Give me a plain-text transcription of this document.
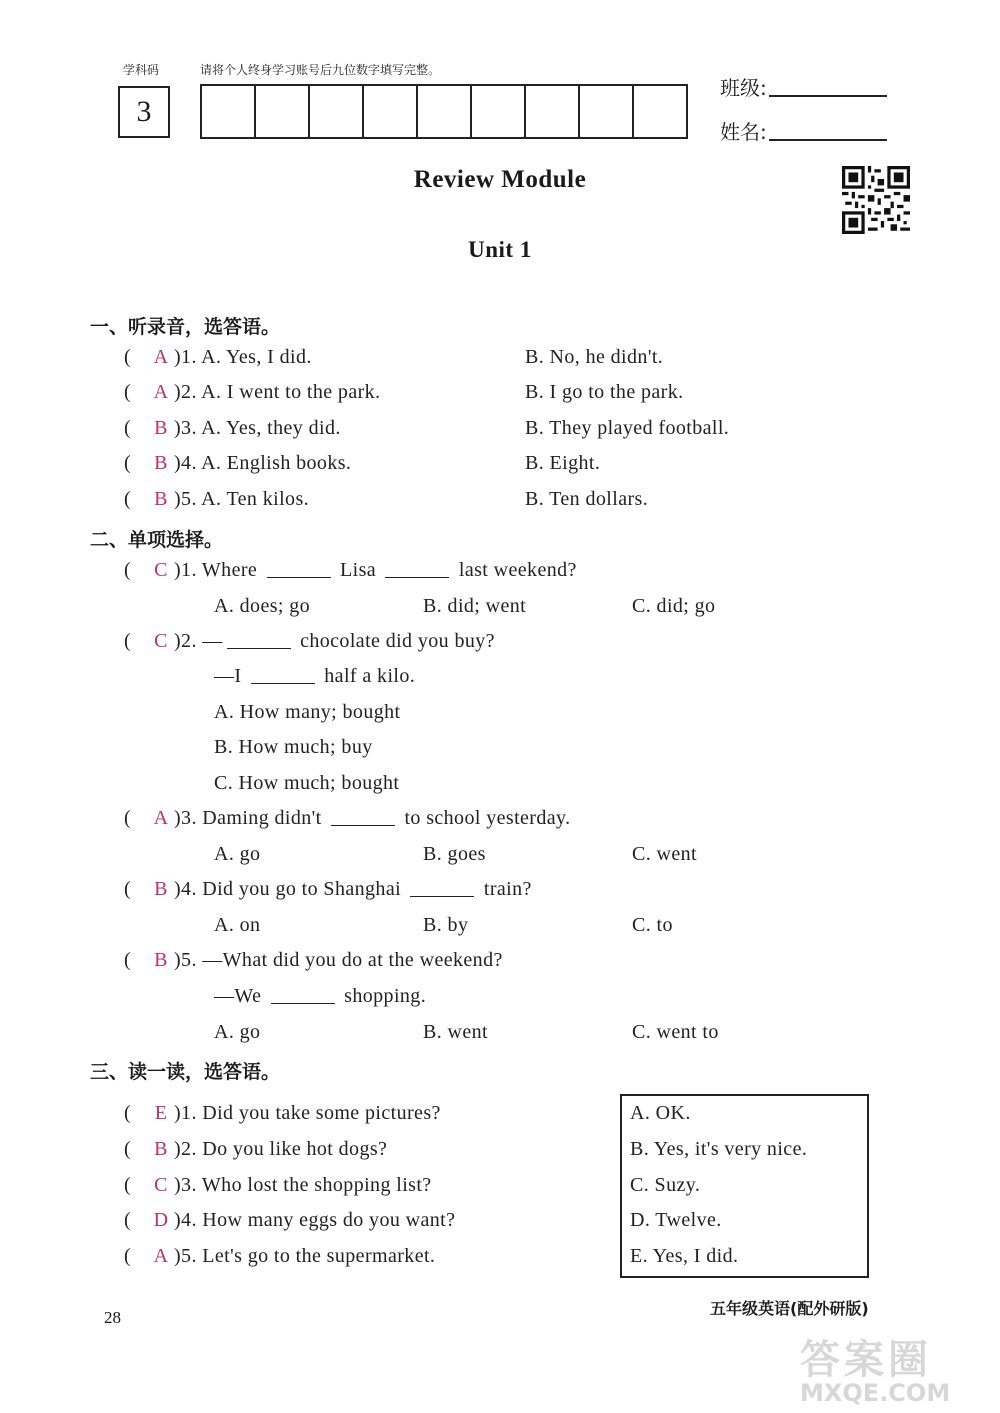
学科码	请将个人终身学习账号后九位数字填写完整。
3
班级:
姓名:
Review Module
Unit 1
一、听录音，选答语。
( A )1. A. Yes, I did.	B. No, he didn't.
( A )2. A. I went to the park.	B. I go to the park.
( B )3. A. Yes, they did.	B. They played football.
( B )4. A. English books.	B. Eight.
( B )5. A. Ten kilos.	B. Ten dollars.
二、单项选择。
( C )1. Where	Lisa	last weekend?
A. does; go	B. did; went	C. did; go
( C )2. —	chocolate did you buy?
—I	half a kilo.
A. How many; bought
B. How much; buy
C. How much; bought
( A )3. Daming didn't	to school yesterday.
A. go	B. goes	C. went
( B )4. Did you go to Shanghai	train?
A. on	B. by	C. to
( B )5. —What did you do at the weekend?
—We	shopping.
A. go	B. went	C. went to
三、读一读，选答语。
( E )1. Did you take some pictures?
( B )2. Do you like hot dogs?
( C )3. Who lost the shopping list?
( D )4. How many eggs do you want?
( A )5. Let's go to the supermarket.
A. OK.
B. Yes, it's very nice.
C. Suzy.
D. Twelve.
E. Yes, I did.
28	五年级英语(配外研版)
答案圈
MXQE.COM
